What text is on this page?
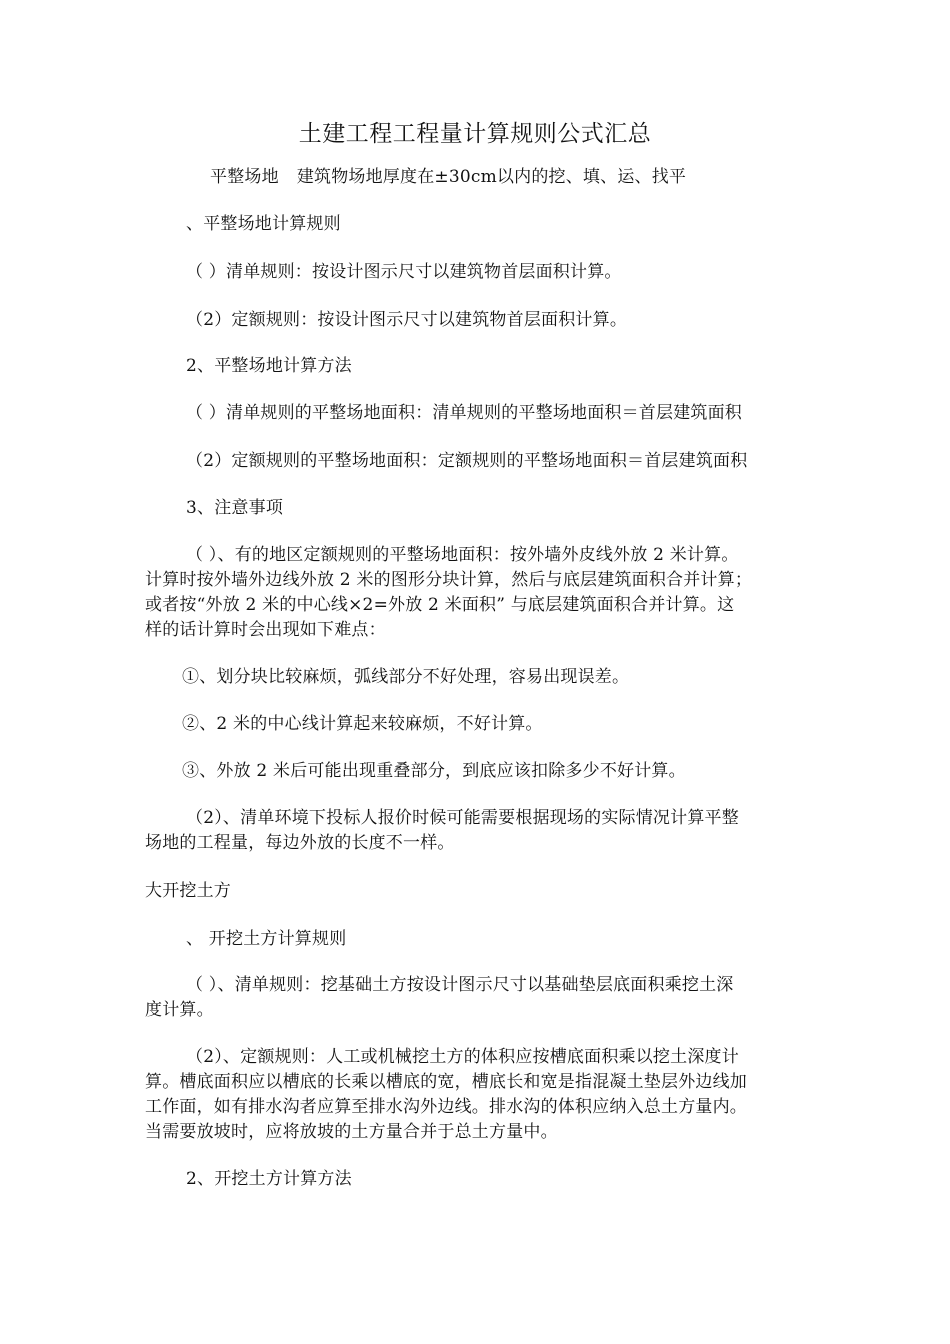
土建工程工程量计算规则公式汇总
平整场地 建筑物场地厚度在±30cm以内的挖、填、运、找平
、平整场地计算规则
（ ）清单规则：按设计图示尺寸以建筑物首层面积计算。
（2）定额规则：按设计图示尺寸以建筑物首层面积计算。
2、平整场地计算方法
（ ）清单规则的平整场地面积：清单规则的平整场地面积＝首层建筑面积
（2）定额规则的平整场地面积：定额规则的平整场地面积＝首层建筑面积
3、注意事项
（ ）、有的地区定额规则的平整场地面积：按外墙外皮线外放 2 米计算。
计算时按外墙外边线外放 2 米的图形分块计算，然后与底层建筑面积合并计算；
或者按“外放 2 米的中心线×2=外放 2 米面积” 与底层建筑面积合并计算。这
样的话计算时会出现如下难点：
①、划分块比较麻烦，弧线部分不好处理，容易出现误差。
②、2 米的中心线计算起来较麻烦，不好计算。
③、外放 2 米后可能出现重叠部分，到底应该扣除多少不好计算。
（2）、清单环境下投标人报价时候可能需要根据现场的实际情况计算平整
场地的工程量，每边外放的长度不一样。
大开挖土方
、 开挖土方计算规则
（ ）、清单规则：挖基础土方按设计图示尺寸以基础垫层底面积乘挖土深
度计算。
（2）、定额规则：人工或机械挖土方的体积应按槽底面积乘以挖土深度计
算。槽底面积应以槽底的长乘以槽底的宽，槽底长和宽是指混凝土垫层外边线加
工作面，如有排水沟者应算至排水沟外边线。排水沟的体积应纳入总土方量内。
当需要放坡时，应将放坡的土方量合并于总土方量中。
2、开挖土方计算方法
